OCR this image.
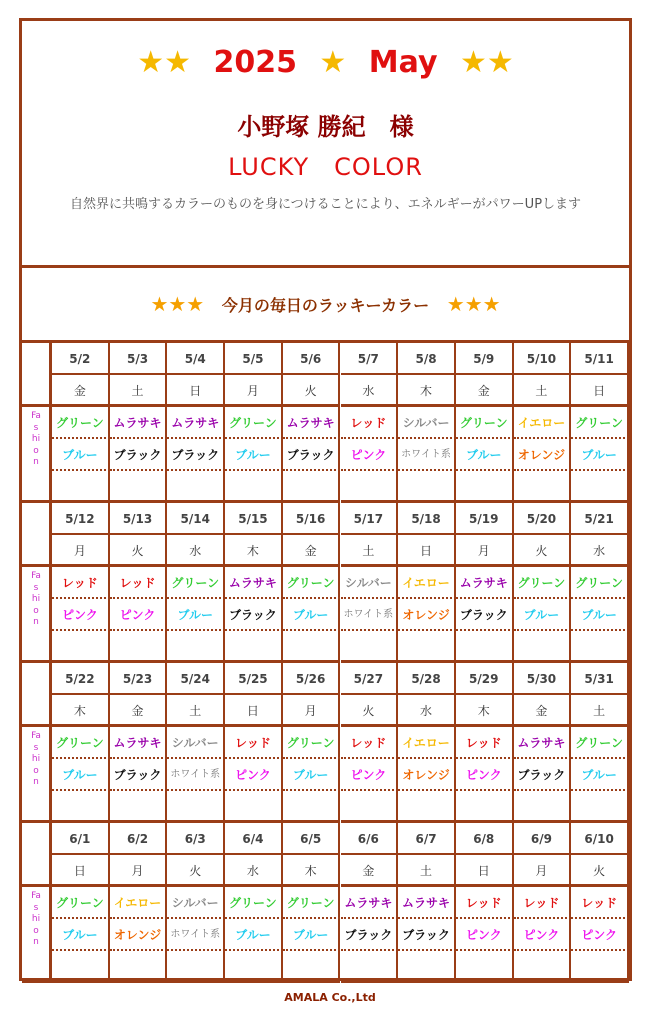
★★ 2025 ★ May ★★
小野塚 勝紀　様
LUCKY　COLOR
自然界に共鳴するカラーのものを身につけることにより、エネルギーがパワーUPします
★★★ 今月の毎日のラッキーカラー ★★★
Fashion
5/2
金
グリーン
ブルー
5/3
土
ムラサキ
ブラック
5/4
日
ムラサキ
ブラック
5/5
月
グリーン
ブルー
5/6
火
ムラサキ
ブラック
5/7
水
レッド
ピンク
5/8
木
シルバー
ホワイト系
5/9
金
グリーン
ブルー
5/10
土
イエロー
オレンジ
5/11
日
グリーン
ブルー
Fashion
5/12
月
レッド
ピンク
5/13
火
レッド
ピンク
5/14
水
グリーン
ブルー
5/15
木
ムラサキ
ブラック
5/16
金
グリーン
ブルー
5/17
土
シルバー
ホワイト系
5/18
日
イエロー
オレンジ
5/19
月
ムラサキ
ブラック
5/20
火
グリーン
ブルー
5/21
水
グリーン
ブルー
Fashion
5/22
木
グリーン
ブルー
5/23
金
ムラサキ
ブラック
5/24
土
シルバー
ホワイト系
5/25
日
レッド
ピンク
5/26
月
グリーン
ブルー
5/27
火
レッド
ピンク
5/28
水
イエロー
オレンジ
5/29
木
レッド
ピンク
5/30
金
ムラサキ
ブラック
5/31
土
グリーン
ブルー
Fashion
6/1
日
グリーン
ブルー
6/2
月
イエロー
オレンジ
6/3
火
シルバー
ホワイト系
6/4
水
グリーン
ブルー
6/5
木
グリーン
ブルー
6/6
金
ムラサキ
ブラック
6/7
土
ムラサキ
ブラック
6/8
日
レッド
ピンク
6/9
月
レッド
ピンク
6/10
火
レッド
ピンク
AMALA Co.,Ltd
